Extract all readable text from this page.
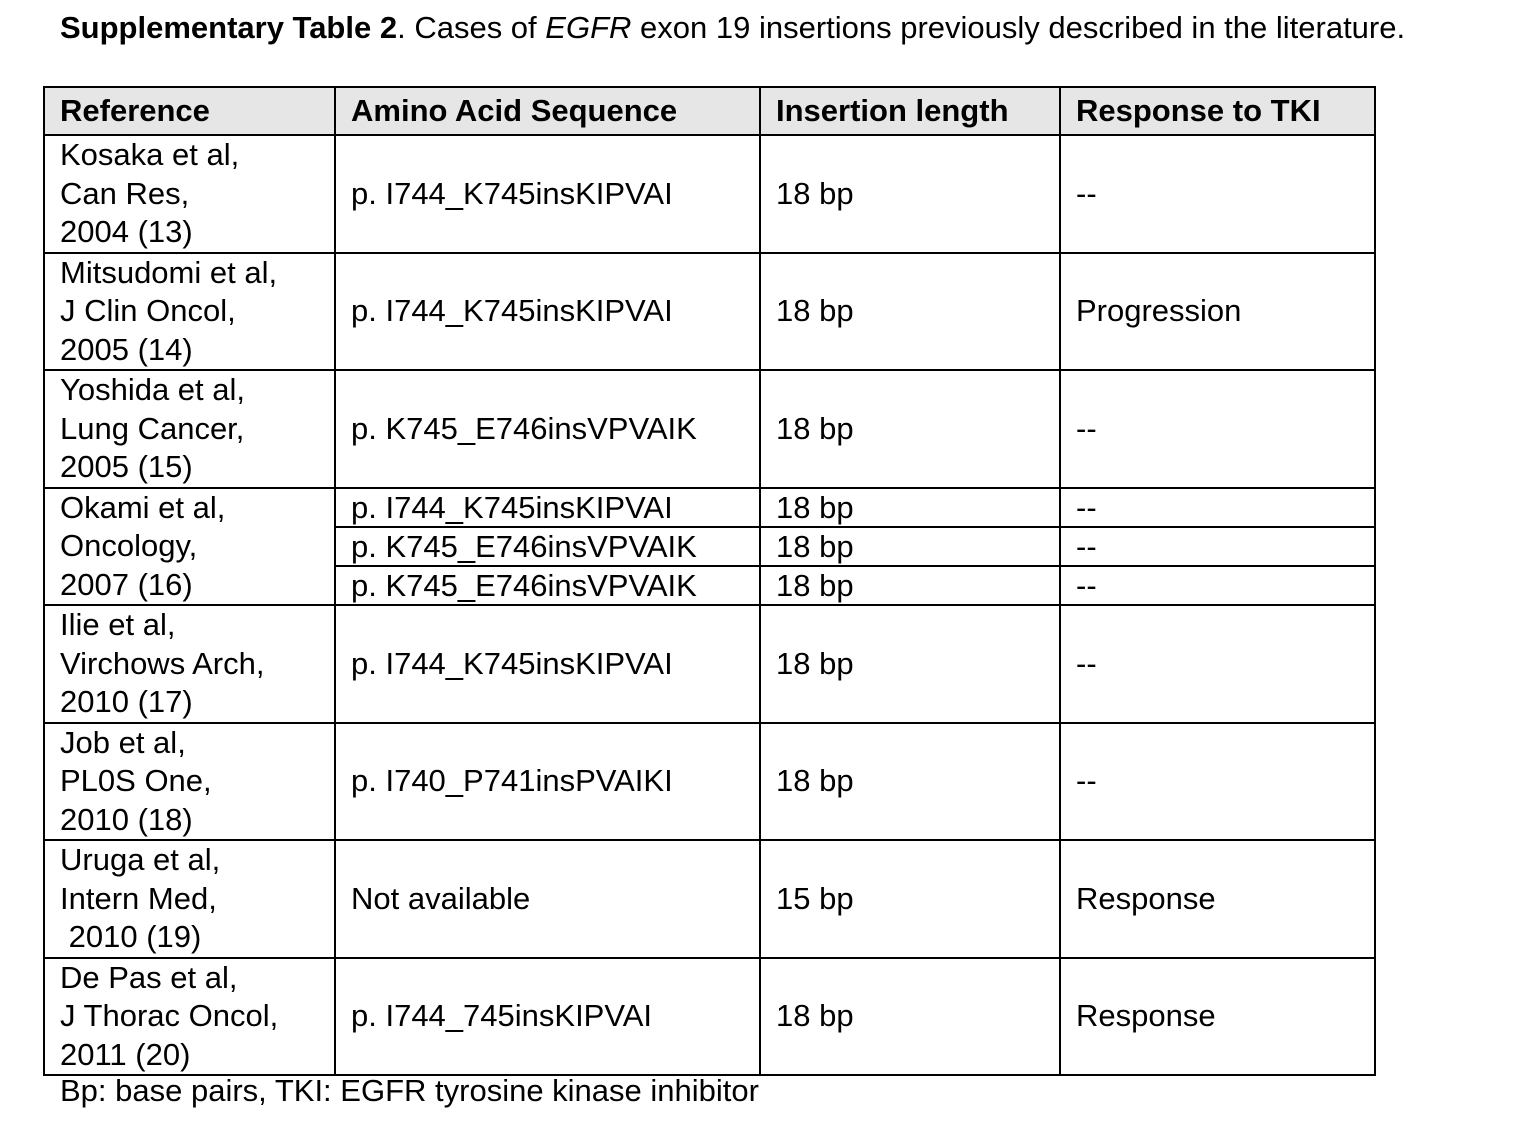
Supplementary Table 2. Cases of EGFR exon 19 insertions previously described in the literature.
Reference	Amino Acid Sequence	Insertion length	Response to TKI

Kosaka et al,
Can Res,
2004 (13)	p. I744_K745insKIPVAI	18 bp	--

Mitsudomi et al,
J Clin Oncol,
2005 (14)	p. I744_K745insKIPVAI	18 bp	Progression

Yoshida et al,
Lung Cancer,
2005 (15)	p. K745_E746insVPVAIK	18 bp	--

Okami et al,
Oncology,
2007 (16)	p. I744_K745insKIPVAI	18 bp	--
	p. K745_E746insVPVAIK	18 bp	--
	p. K745_E746insVPVAIK	18 bp	--

Ilie et al,
Virchows Arch,
2010 (17)	p. I744_K745insKIPVAI	18 bp	--

Job et al,
PL0S One,
2010 (18)	p. I740_P741insPVAIKI	18 bp	--

Uruga et al,
Intern Med,
2010 (19)	Not available	15 bp	Response

De Pas et al,
J Thorac Oncol,
2011 (20)	p. I744_745insKIPVAI	18 bp	Response
Bp: base pairs, TKI: EGFR tyrosine kinase inhibitor
